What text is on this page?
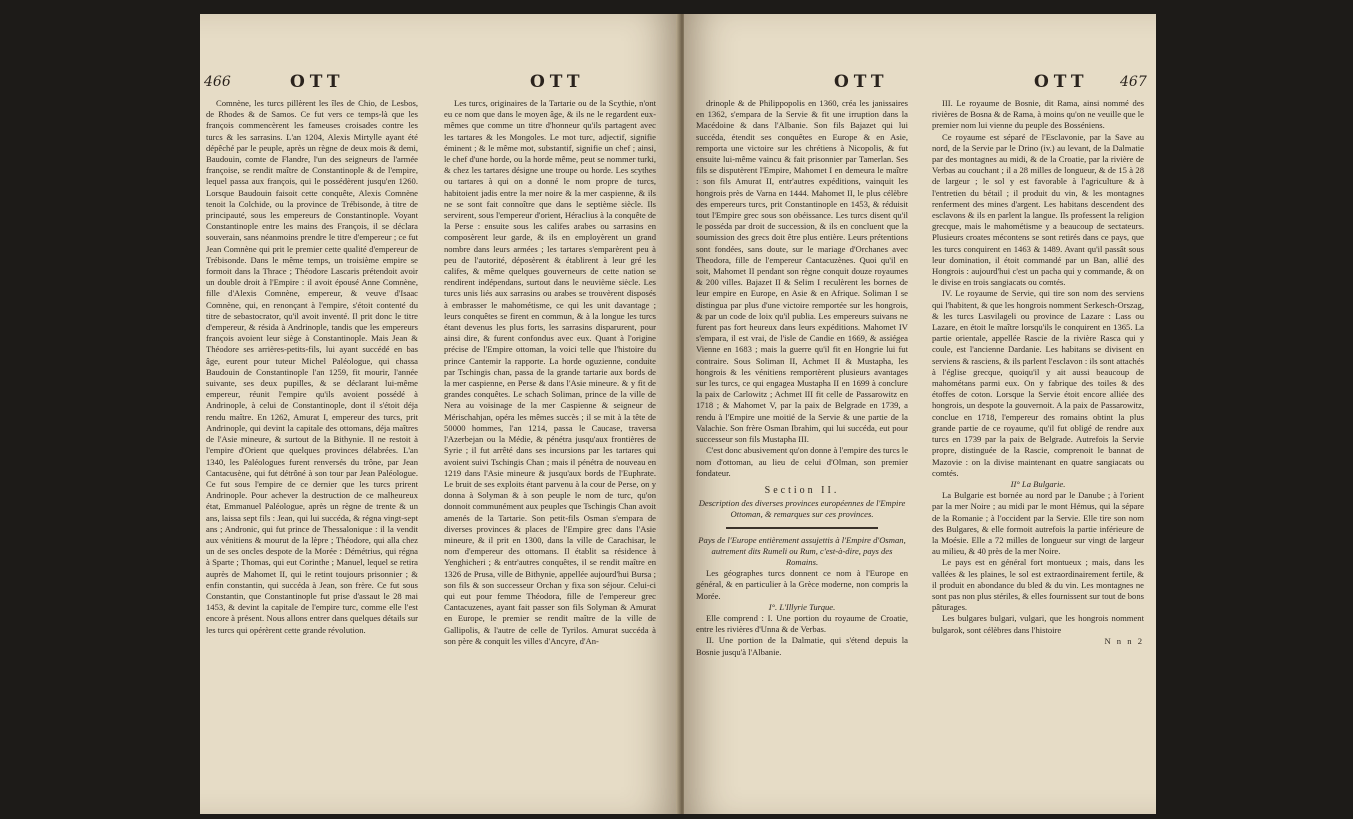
466	OTT	OTT

Comnène, les turcs pillèrent les îles de Chio, de Lesbos, de Rhodes & de Samos. Ce fut vers ce temps-là que les françois commencèrent les fameuses croisades contre les turcs & les sarrasins. L'an 1204, Alexis Mirtylle ayant été dépêché par le peuple, après un règne de deux mois & demi, Baudouin, comte de Flandre, l'un des seigneurs de l'armée françoise, se rendit maître de Constantinople & de l'empire, lequel passa aux françois, qui le possédèrent jusqu'en 1260. Lorsque Baudouin faisoit cette conquête, Alexis Comnène tenoit la Colchide, ou la province de Trébisonde, à titre de principauté, sous les empereurs de Constantinople. Voyant Constantinople entre les mains des François, il se déclara souverain, sans néanmoins prendre le titre d'empereur ; ce fut Jean Comnène qui prit le premier cette qualité d'empereur de Trébisonde. Dans le même temps, un troisième empire se formoit dans la Thrace ; Théodore Lascaris prétendoit avoir un double droit à l'Empire : il avoit épousé Anne Comnène, fille d'Alexis Comnène, empereur, & veuve d'Isaac Comnène, qui, en renonçant à l'empire, s'étoit contenté du titre de sebastocrator, qu'il avoit inventé. Il prit donc le titre d'empereur, & résida à Andrinople, tandis que les empereurs françois avoient leur siège à Constantinople. Mais Jean & Théodore ses arrières-petits-fils, lui ayant succédé en bas âge, eurent pour tuteur Michel Paléologue, qui chassa Baudouin de Constantinople l'an 1259, fit mourir, l'année suivante, ses deux pupilles, & se déclarant lui-même empereur, réunit l'empire qu'ils avoient possédé à Andrinople, à celui de Constantinople, dont il s'étoit déja rendu maître. En 1262, Amurat I, empereur des turcs, prit Andrinople, qui devint la capitale des ottomans, déja maîtres de l'Asie mineure, & surtout de la Bithynie. Il ne restoit à l'empire d'Orient que quelques provinces délabrées. L'an 1340, les Paléologues furent renversés du trône, par Jean Cantacusène, qui fut détrôné à son tour par Jean Paléologue. Ce fut sous l'empire de ce dernier que les turcs prirent Andrinople. Pour achever la destruction de ce malheureux état, Emmanuel Paléologue, après un règne de trente & un ans, laissa sept fils : Jean, qui lui succéda, & régna vingt-sept ans ; Andronic, qui fut prince de Thessalonique : il la vendit aux vénitiens & mourut de la lèpre ; Théodore, qui alla chez un de ses oncles despote de la Morée : Démétrius, qui régna à Sparte ; Thomas, qui eut Corinthe ; Manuel, lequel se retira auprès de Mahomet II, qui le retint toujours prisonnier ; & enfin constantin, qui succéda à Jean, son frère. Ce fut sous Constantin, que Constantinople fut prise d'assaut le 28 mai 1453, & devint la capitale de l'empire turc, comme elle l'est encore à présent. Nous allons entrer dans quelques détails sur les turcs qui opérèrent cette grande révolution.

Les turcs, originaires de la Tartarie ou de la Scythie, n'ont eu ce nom que dans le moyen âge, & ils ne le regardent eux-mêmes que comme un titre d'honneur qu'ils partagent avec les tartares & les Mongoles. Le mot turc, adjectif, signifie éminent ; & le même mot, substantif, signifie un chef ; ainsi, le chef d'une horde, ou la horde même, peut se nommer turki, & chez les tartares désigne une troupe ou horde. Les scythes ou tartares à qui on a donné le nom propre de turcs, habitoient jadis entre la mer noire & la mer caspienne, & ils ne se sont fait connoître que dans le septième siècle. Ils servirent, sous l'empereur d'orient, Héraclius à la conquête de la Perse : ensuite sous les califes arabes ou sarrasins en composèrent leur garde, & ils en employèrent un grand nombre dans leurs armées ; les tartares s'emparèrent peu à peu de l'autorité, déposèrent & établirent à leur gré les califes, & même quelques gouverneurs de cette nation se rendirent indépendans, surtout dans le neuvième siècle. Les turcs unis liés aux sarrasins ou arabes se trouvèrent disposés à embrasser le mahométisme, ce qui les unit davantage ; leurs conquêtes se firent en commun, & à la longue les turcs étant devenus les plus forts, les sarrasins disparurent, pour ainsi dire, & furent confondus avec eux. Quant à l'origine précise de l'Empire ottoman, la voici telle que l'histoire du prince Cantemir la rapporte. La horde oguzienne, conduite par Tschingis chan, passa de la grande tartarie aux bords de la mer caspienne, en Perse & dans l'Asie mineure. & y fit de grandes conquêtes. Le schach Soliman, prince de la ville de Nera au voisinage de la mer Caspienne & seigneur de Mérischahjan, opéra les mêmes succès ; il se mit à la tête de 50000 hommes, l'an 1214, passa le Caucase, traversa l'Azerbejan ou la Médie, & pénétra jusqu'aux frontières de Syrie ; il fut arrêté dans ses incursions par les tartares qui avoient suivi Tschingis Chan ; mais il pénétra de nouveau en 1219 dans l'Asie mineure & jusqu'aux bords de l'Euphrate. Le bruit de ses exploits étant parvenu à la cour de Perse, on y donna à Solyman & à son peuple le nom de turc, qu'on donnoit communément aux peuples que Tschingis Chan avoit amenés de la Tartarie. Son petit-fils Osman s'empara de diverses provinces & places de l'Empire grec dans l'Asie mineure, & il prit en 1300, dans la ville de Carachisar, le nom d'empereur des ottomans. Il établit sa résidence à Yenghicheri ; & entr'autres conquêtes, il se rendit maître en 1326 de Prusa, ville de Bithynie, appellée aujourd'hui Bursa ; son fils & son successeur Orchan y fixa son séjour. Celui-ci qui eut pour femme Théodora, fille de l'empereur grec Cantacuzenes, ayant fait passer son fils Solyman & Amurat en Europe, le premier se rendit maître de la ville de Gallipolis, & l'autre de celle de Tyrilos. Amurat succéda à son père & conquit les villes d'Ancyre, d'An-

OTT	OTT 467

drinople & de Philippopolis en 1360, créa les janissaires en 1362, s'empara de la Servie & fit une irruption dans la Macédoine & dans l'Albanie. Son fils Bajazet qui lui succéda, étendit ses conquêtes en Europe & en Asie, remporta une victoire sur les chrétiens à Nicopolis, & fut ensuite lui-même vaincu & fait prisonnier par Tamerlan. Ses fils se disputèrent l'Empire, Mahomet I en demeura le maître : son fils Amurat II, entr'autres expéditions, vainquit les hongrois près de Varna en 1444. Mahomet II, le plus célèbre des empereurs turcs, prit Constantinople en 1453, & réduisit tout l'Empire grec sous son obéissance. Les turcs disent qu'il le posséda par droit de succession, & ils en concluent que la soumission des grecs doit être plus entière. Leurs prétentions sont fondées, sans doute, sur le mariage d'Orchanes avec Theodora, fille de l'empereur Cantacuzènes. Quoi qu'il en soit, Mahomet II pendant son règne conquit douze royaumes & 200 villes. Bajazet II & Selim I reculèrent les bornes de leur empire en Europe, en Asie & en Afrique. Soliman I se distingua par plus d'une victoire remportée sur les hongrois, & par un code de loix qu'il publia. Les empereurs suivans ne furent pas fort heureux dans leurs expéditions. Mahomet IV s'empara, il est vrai, de l'isle de Candie en 1669, & assiégea Vienne en 1683 ; mais la guerre qu'il fit en Hongrie lui fut contraire. Sous Soliman II, Achmet II & Mustapha, les hongrois & les vénitiens remportèrent plusieurs avantages sur les turcs, ce qui engagea Mustapha II en 1699 à conclure la paix de Carlowitz ; Achmet III fit celle de Passarowitz en 1718 ; & Mahomet V, par la paix de Belgrade en 1739, a rendu à l'Empire une moitié de la Servie & une partie de la Valachie. Son frère Osman Ibrahim, qui lui succéda, eut pour successeur son fils Mustapha III.

C'est donc abusivement qu'on donne à l'empire des turcs le nom d'ottoman, au lieu de celui d'Olman, son premier fondateur.

Section II.

Description des diverses provinces européennes de l'Empire Ottoman, & remarques sur ces provinces.

Pays de l'Europe entièrement assujettis à l'Empire d'Osman, autrement dits Rumeli ou Rum, c'est-à-dire, pays des Romains.

Les géographes turcs donnent ce nom à l'Europe en général, & en particulier à la Grèce moderne, non compris la Morée.

I°. L'Illyrie Turque.

Elle comprend : I. Une portion du royaume de Croatie, entre les rivières d'Unna & de Verbas.

II. Une portion de la Dalmatie, qui s'étend depuis la Bosnie jusqu'à l'Albanie.

III. Le royaume de Bosnie, dit Rama, ainsi nommé des rivières de Bosna & de Rama, à moins qu'on ne veuille que le premier nom lui vienne du peuple des Bosséniens.

Ce royaume est séparé de l'Esclavonie, par la Save au nord, de la Servie par le Drino (iv.) au levant, de la Dalmatie par des montagnes au midi, & de la Croatie, par la rivière de Verbas au couchant ; il a 28 milles de longueur, & de 15 à 28 de largeur ; le sol y est favorable à l'agriculture & à l'entretien du bétail ; il produit du vin, & les montagnes renferment des mines d'argent. Les habitans descendent des esclavons & ils en parlent la langue. Ils professent la religion grecque, mais le mahométisme y a beaucoup de sectateurs. Plusieurs croates mécontens se sont retirés dans ce pays, que les turcs conquirent en 1463 & 1489. Avant qu'il passât sous leur domination, il étoit commandé par un Ban, allié des Hongrois : aujourd'hui c'est un pacha qui y commande, & on le divise en trois sangiacats ou comtés.

IV. Le royaume de Servie, qui tire son nom des serviens qui l'habitent, & que les hongrois nomment Serkesch-Orszag, & les turcs Lasvilageli ou province de Lazare : Lass ou Lazare, en étoit le maître lorsqu'ils le conquirent en 1365. La partie orientale, appellée Rascie de la rivière Rasca qui y coule, est l'ancienne Dardanie. Les habitans se divisent en serviens & rasciens, & ils parlent l'esclavon : ils sont attachés à l'église grecque, quoiqu'il y ait aussi beaucoup de mahométans parmi eux. On y fabrique des toiles & des étoffes de coton. Lorsque la Servie étoit encore alliée des hongrois, un despote la gouvernoit. A la paix de Passarowitz, conclue en 1718, l'empereur des romains obtint la plus grande partie de ce royaume, qu'il fut obligé de rendre aux turcs en 1739 par la paix de Belgrade. Autrefois la Servie propre, distinguée de la Rascie, comprenoit le bannat de Mazovie : on la divise maintenant en quatre sangiacats ou comtés.

II° La Bulgarie.

La Bulgarie est bornée au nord par le Danube ; à l'orient par la mer Noire ; au midi par le mont Hémus, qui la sépare de la Romanie ; à l'occident par la Servie. Elle tire son nom des Bulgares, & elle formoit autrefois la partie inférieure de la Moésie. Elle a 72 milles de longueur sur vingt de largeur au milieu, & 40 près de la mer Noire.

Le pays est en général fort montueux ; mais, dans les vallées & les plaines, le sol est extraordinairement fertile, & il produit en abondance du bled & du vin. Les montagnes ne sont pas non plus stériles, & elles fournissent sur tout de bons pâturages.

Les bulgares bulgari, vulgari, que les hongrois nomment bulgarok, sont célèbres dans l'histoire

N n n 2
